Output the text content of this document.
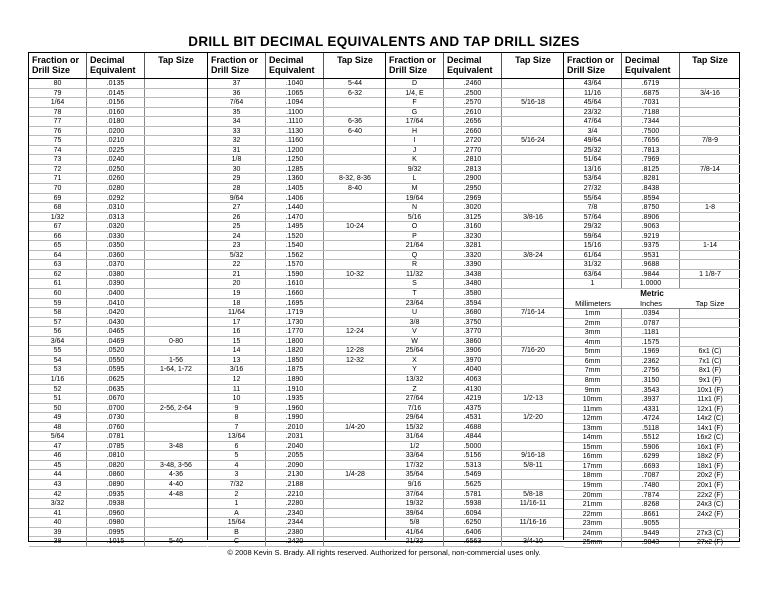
DRILL BIT DECIMAL EQUIVALENTS AND TAP DRILL SIZES
Fraction or
Drill Size
Decimal
Equivalent
Tap Size
80	.0135
79	.0145
1/64	.0156
78	.0160
77	.0180
76	.0200
75	.0210
74	.0225
73	.0240
72	.0250
71	.0260
70	.0280
69	.0292
68	.0310
1/32	.0313
67	.0320
66	.0330
65	.0350
64	.0360
63	.0370
62	.0380
61	.0390
60	.0400
59	.0410
58	.0420
57	.0430
56	.0465
3/64	.0469	0-80
55	.0520
54	.0550	1-56
53	.0595	1-64, 1-72
1/16	.0625
52	.0635
51	.0670
50	.0700	2-56, 2-64
49	.0730
48	.0760
5/64	.0781
47	.0785	3-48
46	.0810
45	.0820	3-48, 3-56
44	.0860	4-36
43	.0890	4-40
42	.0935	4-48
3/32	.0938
41	.0960
40	.0980
39	.0995
38	.1015	5-40
Fraction or
Drill Size
Decimal
Equivalent
Tap Size
37	.1040	5-44
36	.1065	6-32
7/64	.1094
35	.1100
34	.1110	6-36
33	.1130	6-40
32	.1160
31	.1200
1/8	.1250
30	.1285
29	.1360	8-32, 8-36
28	.1405	8-40
9/64	.1406
27	.1440
26	.1470
25	.1495	10-24
24	.1520
23	.1540
5/32	.1562
22	.1570
21	.1590	10-32
20	.1610
19	.1660
18	.1695
11/64	.1719
17	.1730
16	.1770	12-24
15	.1800
14	.1820	12-28
13	.1850	12-32
3/16	.1875
12	.1890
11	.1910
10	.1935
9	.1960
8	.1990
7	.2010	1/4-20
13/64	.2031
6	.2040
5	.2055
4	.2090
3	.2130	1/4-28
7/32	.2188
2	.2210
1	.2280
A	.2340
15/64	.2344
B	.2380
C	.2420
Fraction or
Drill Size
Decimal
Equivalent
Tap Size
D	.2460
1/4, E	.2500
F	.2570	5/16-18
G	.2610
17/64	.2656
H	.2660
I	.2720	5/16-24
J	.2770
K	.2810
9/32	.2813
L	.2900
M	.2950
19/64	.2969
N	.3020
5/16	.3125	3/8-16
O	.3160
P	.3230
21/64	.3281
Q	.3320	3/8-24
R	.3390
11/32	.3438
S	.3480
T	.3580
23/64	.3594
U	.3680	7/16-14
3/8	.3750
V	.3770
W	.3860
25/64	.3906	7/16-20
X	.3970
Y	.4040
13/32	.4063
Z	.4130
27/64	.4219	1/2-13
7/16	.4375
29/64	.4531	1/2-20
15/32	.4688
31/64	.4844
1/2	.5000
33/64	.5156	9/16-18
17/32	.5313	5/8-11
35/64	.5469
9/16	.5625
37/64	.5781	5/8-18
19/32	.5938	11/16-11
39/64	.6094
5/8	.6250	11/16-16
41/64	.6406
21/32	.6563	3/4-10
Fraction or
Drill Size
Decimal
Equivalent
Tap Size
43/64	.6719
11/16	.6875	3/4-16
45/64	.7031
23/32	.7188
47/64	.7344
3/4	.7500
49/64	.7656	7/8-9
25/32	.7813
51/64	.7969
13/16	.8125	7/8-14
53/64	.8281
27/32	.8438
55/64	.8594
7/8	.8750	1-8
57/64	.8906
29/32	.9063
59/64	.9219
15/16	.9375	1-14
61/64	.9531
31/32	.9688
63/64	.9844	1 1/8-7
1	1.0000
Metric
Millimeters	Inches	Tap Size
1mm	.0394
2mm	.0787
3mm	.1181
4mm	.1575
5mm	.1969	6x1 (C)
6mm	.2362	7x1 (C)
7mm	.2756	8x1 (F)
8mm	.3150	9x1 (F)
9mm	.3543	10x1 (F)
10mm	.3937	11x1 (F)
11mm	.4331	12x1 (F)
12mm	.4724	14x2 (C)
13mm	.5118	14x1 (F)
14mm	.5512	16x2 (C)
15mm	.5906	16x1 (F)
16mm	.6299	18x2 (F)
17mm	.6693	18x1 (F)
18mm	.7087	20x2 (F)
19mm	.7480	20x1 (F)
20mm	.7874	22x2 (F)
21mm	.8268	24x3 (C)
22mm	.8661	24x2 (F)
23mm	.9055
24mm	.9449	27x3 (C)
25mm	.9843	27x2 (F)
© 2008 Kevin S. Brady. All rights reserved. Authorized for personal, non-commercial uses only.
